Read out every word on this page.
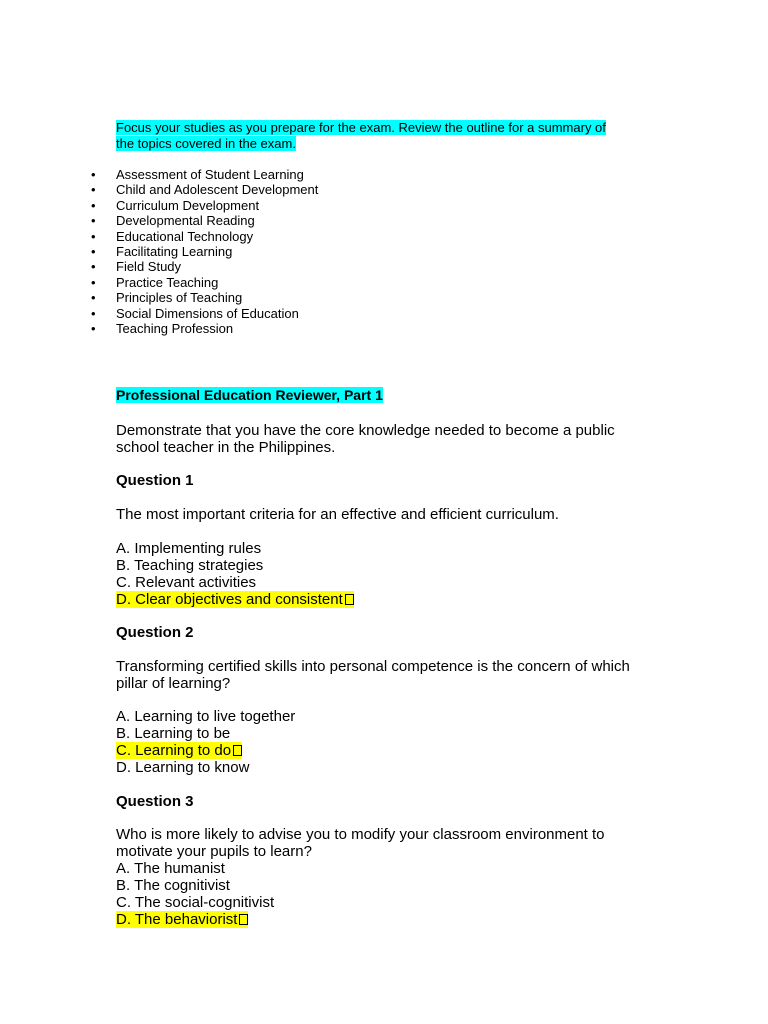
Focus your studies as you prepare for the exam. Review the outline for a summary of
the topics covered in the exam.
• Assessment of Student Learning
• Child and Adolescent Development
• Curriculum Development
• Developmental Reading
• Educational Technology
• Facilitating Learning
• Field Study
• Practice Teaching
• Principles of Teaching
• Social Dimensions of Education
• Teaching Profession
Professional Education Reviewer, Part 1
Demonstrate that you have the core knowledge needed to become a public
school teacher in the Philippines.
Question 1
The most important criteria for an effective and efficient curriculum.
A. Implementing rules
B. Teaching strategies
C. Relevant activities
D. Clear objectives and consistent
Question 2
Transforming certified skills into personal competence is the concern of which
pillar of learning?
A. Learning to live together
B. Learning to be
C. Learning to do
D. Learning to know
Question 3
Who is more likely to advise you to modify your classroom environment to
motivate your pupils to learn?
A. The humanist
B. The cognitivist
C. The social-cognitivist
D. The behaviorist
